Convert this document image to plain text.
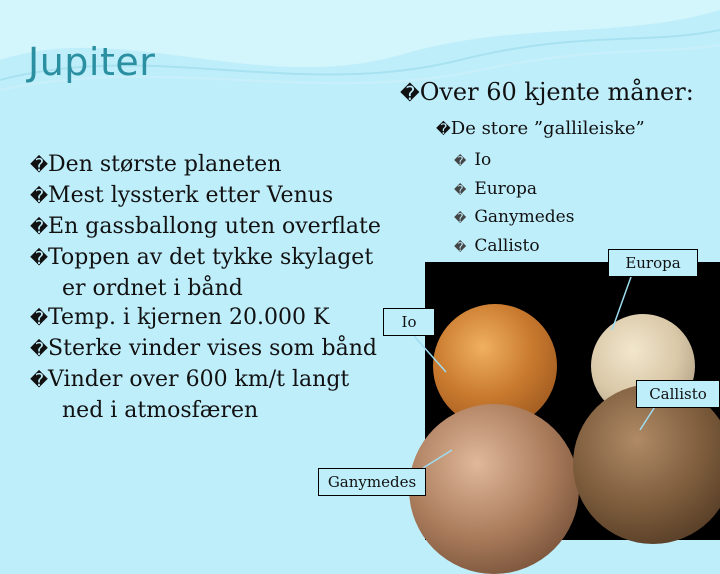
Jupiter
�Over 60 kjente måner:
�De store ”gallileiske”
� Io
� Europa
� Ganymedes
� Callisto
�Den største planeten
�Mest lyssterk etter Venus
�En gassballong uten overflate
�Toppen av det tykke skylaget
er ordnet i bånd
�Temp. i kjernen 20.000 K
�Sterke vinder vises som bånd
�Vinder over 600 km/t langt
ned i atmosfæren
Io
Europa
Callisto
Ganymedes
